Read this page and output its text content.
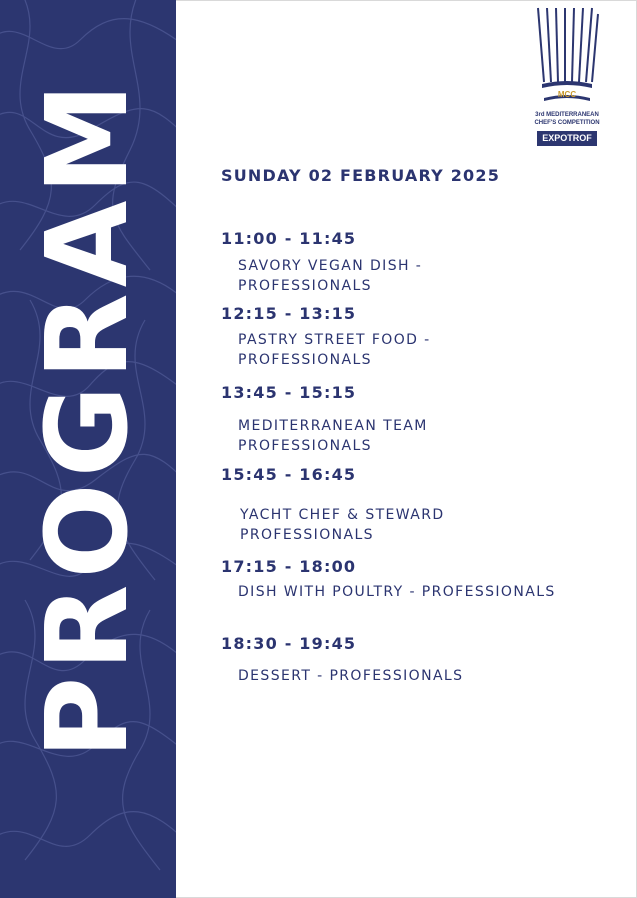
PROGRAM	MCC
3rd MEDITERRANEAN
CHEF'S COMPETITION
EXPOTROF
SUNDAY 02 FEBRUARY 2025
11:00 - 11:45
SAVORY VEGAN DISH -
PROFESSIONALS
12:15 - 13:15
PASTRY STREET FOOD -
PROFESSIONALS
13:45 - 15:15
MEDITERRANEAN TEAM
PROFESSIONALS
15:45 - 16:45
YACHT CHEF & STEWARD
PROFESSIONALS
17:15 - 18:00
DISH WITH POULTRY - PROFESSIONALS
18:30 - 19:45
DESSERT - PROFESSIONALS
